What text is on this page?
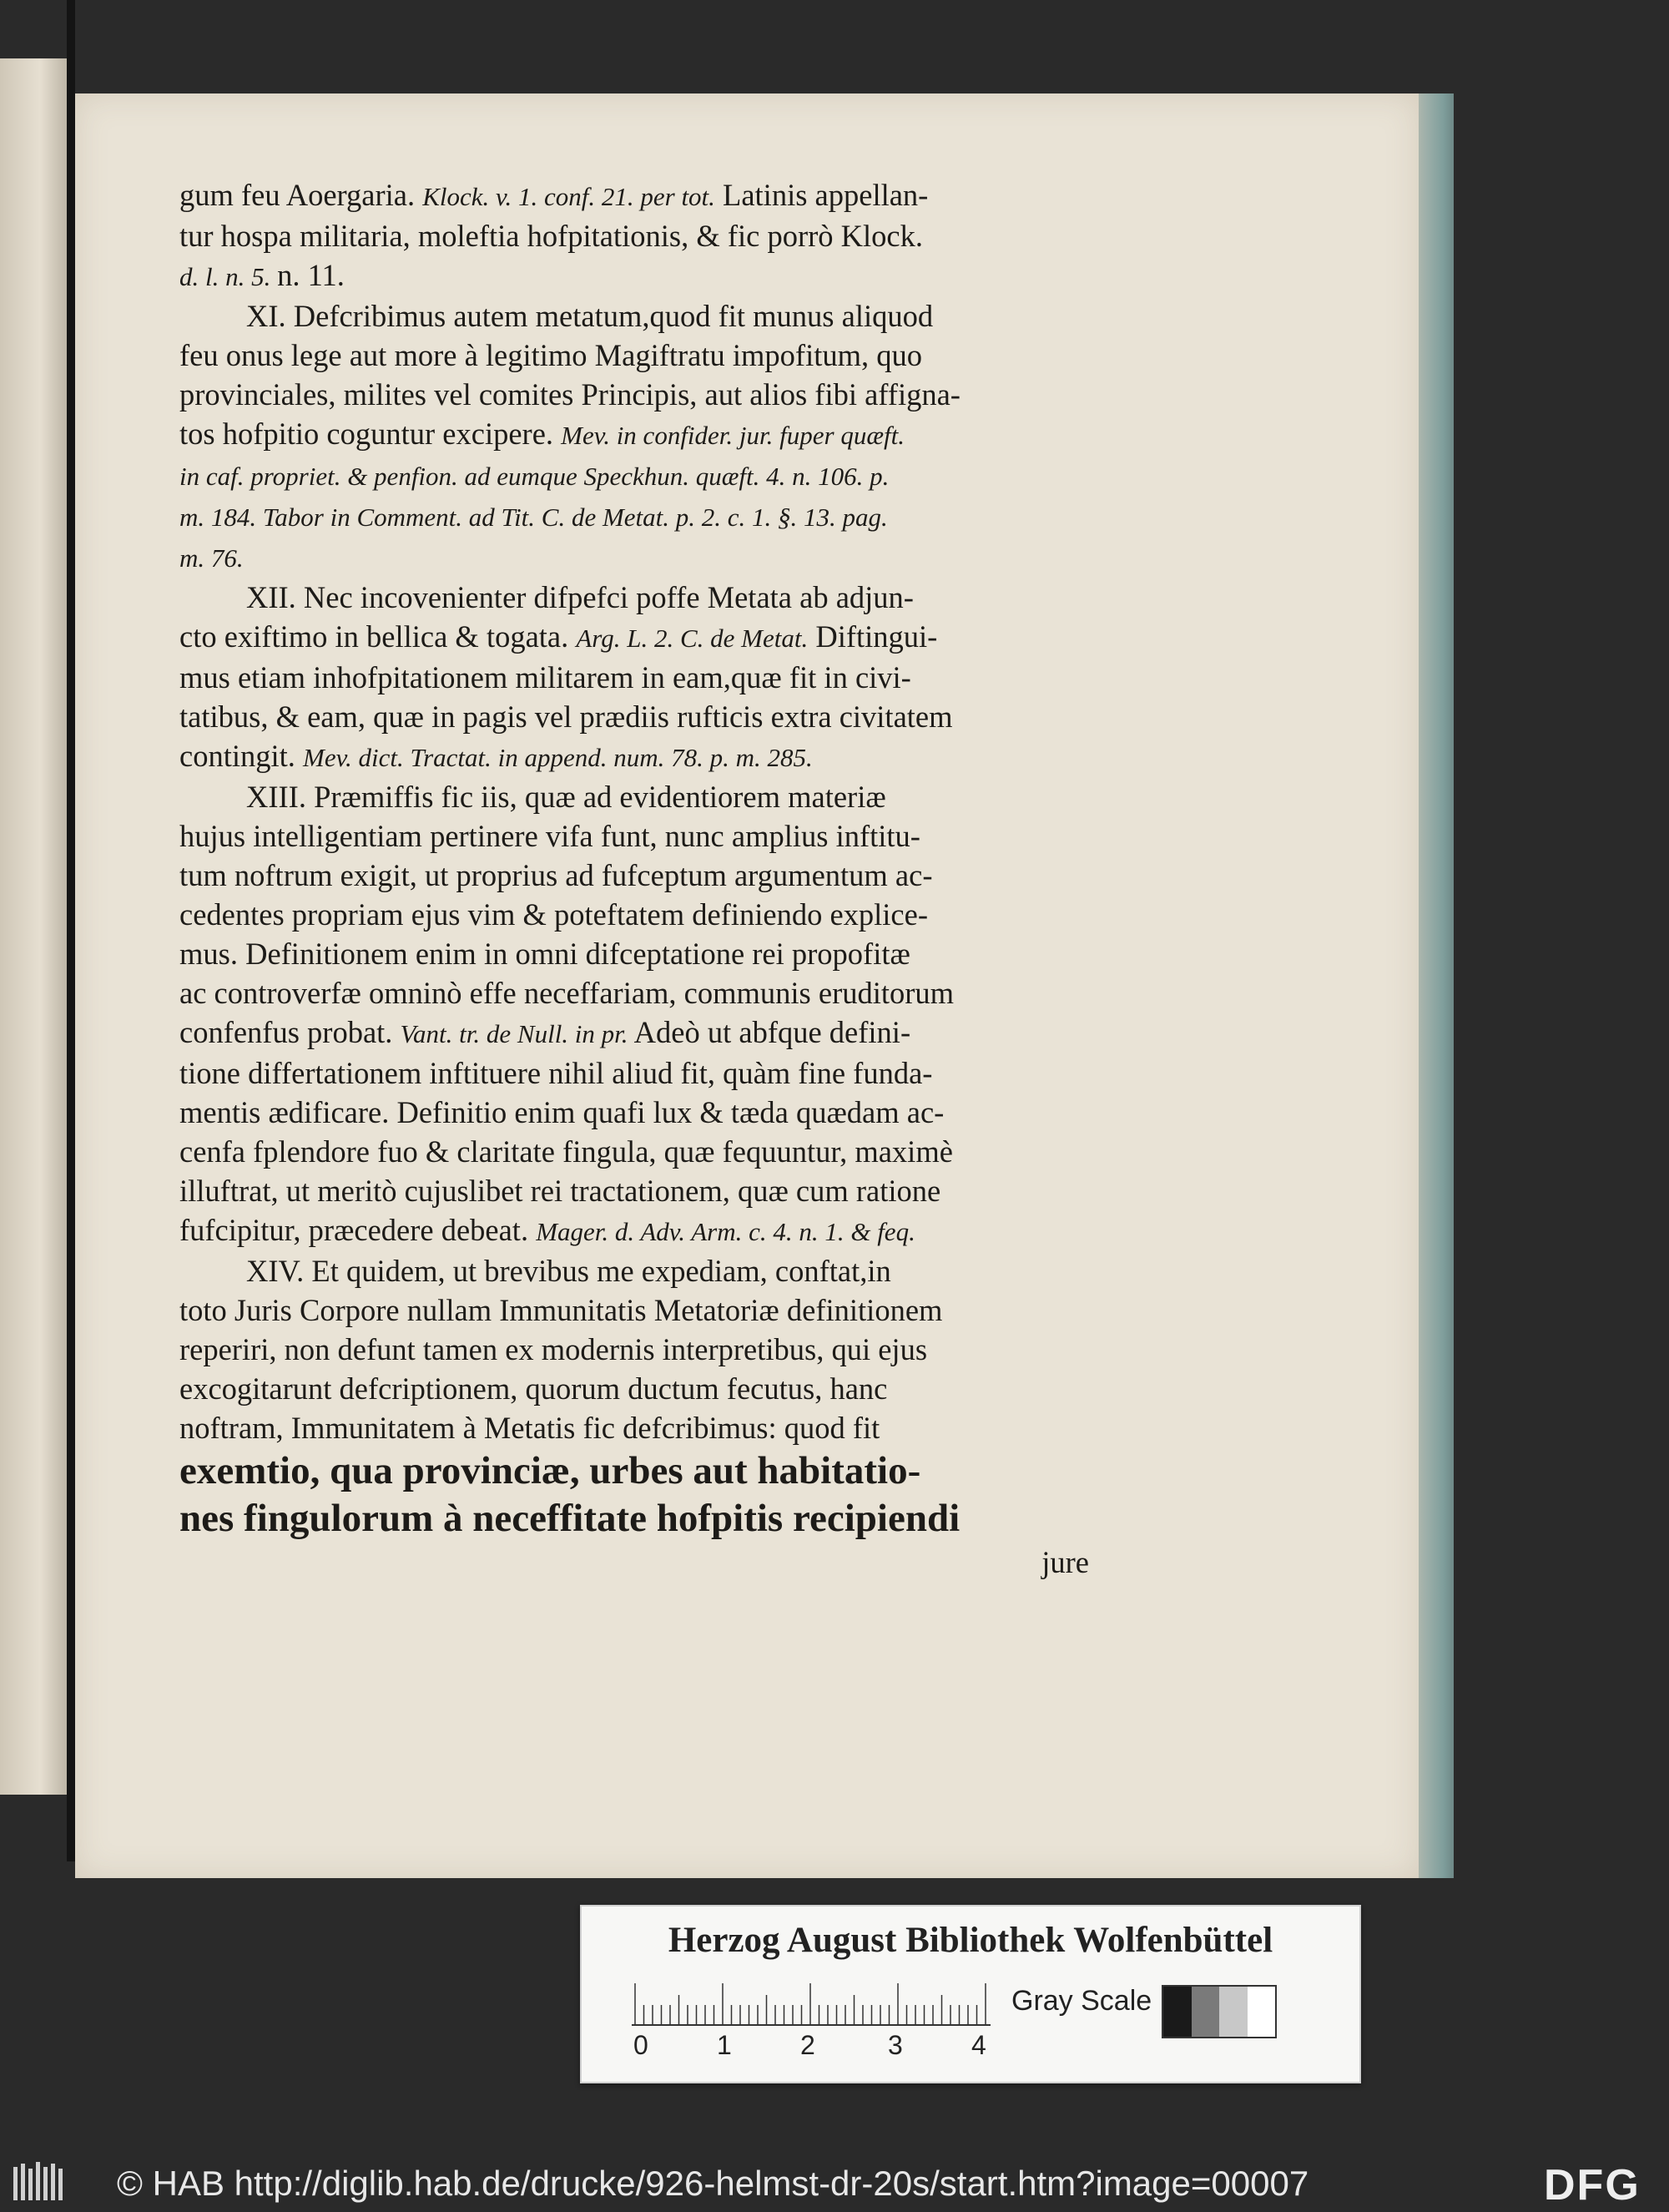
gum feu Aoergaria. Klock. v. 1. conf. 21. per tot. Latinis appellan-
tur hospa militaria, moleftia hofpitationis, & fic porrò Klock.
d. l. n. 5. n. 11.
XI. Defcribimus autem metatum,quod fit munus aliquod
feu onus lege aut more à legitimo Magiftratu impofitum, quo
provinciales, milites vel comites Principis, aut alios fibi affigna-
tos hofpitio coguntur excipere. Mev. in confider. jur. fuper quæft.
in caf. propriet. & penfion. ad eumque Speckhun. quæft. 4. n. 106. p.
m. 184. Tabor in Comment. ad Tit. C. de Metat. p. 2. c. 1. §. 13. pag.
m. 76.
XII. Nec incovenienter difpefci poffe Metata ab adjun-
cto exiftimo in bellica & togata. Arg. L. 2. C. de Metat. Diftingui-
mus etiam inhofpitationem militarem in eam,quæ fit in civi-
tatibus, & eam, quæ in pagis vel prædiis rufticis extra civitatem
contingit. Mev. dict. Tractat. in append. num. 78. p. m. 285.
XIII. Præmiffis fic iis, quæ ad evidentiorem materiæ
hujus intelligentiam pertinere vifa funt, nunc amplius inftitu-
tum noftrum exigit, ut proprius ad fufceptum argumentum ac-
cedentes propriam ejus vim & poteftatem definiendo explice-
mus. Definitionem enim in omni difceptatione rei propofitæ
ac controverfæ omninò effe neceffariam, communis eruditorum
confenfus probat. Vant. tr. de Null. in pr. Adeò ut abfque defini-
tione differtationem inftituere nihil aliud fit, quàm fine funda-
mentis ædificare. Definitio enim quafi lux & tæda quædam ac-
cenfa fplendore fuo & claritate fingula, quæ fequuntur, maximè
illuftrat, ut meritò cujuslibet rei tractationem, quæ cum ratione
fufcipitur, præcedere debeat. Mager. d. Adv. Arm. c. 4. n. 1. & feq.
XIV. Et quidem, ut brevibus me expediam, conftat,in
toto Juris Corpore nullam Immunitatis Metatoriæ definitionem
reperiri, non defunt tamen ex modernis interpretibus, qui ejus
excogitarunt defcriptionem, quorum ductum fecutus, hanc
noftram, Immunitatem à Metatis fic defcribimus: quod fit
exemtio, qua provinciæ, urbes aut habitatio-
nes fingulorum à neceffitate hofpitis recipiendi
jure
Herzog August Bibliothek Wolfenbüttel
0	1	2	3	4
Gray Scale
© HAB http://diglib.hab.de/drucke/926-helmst-dr-20s/start.htm?image=00007	DFG
